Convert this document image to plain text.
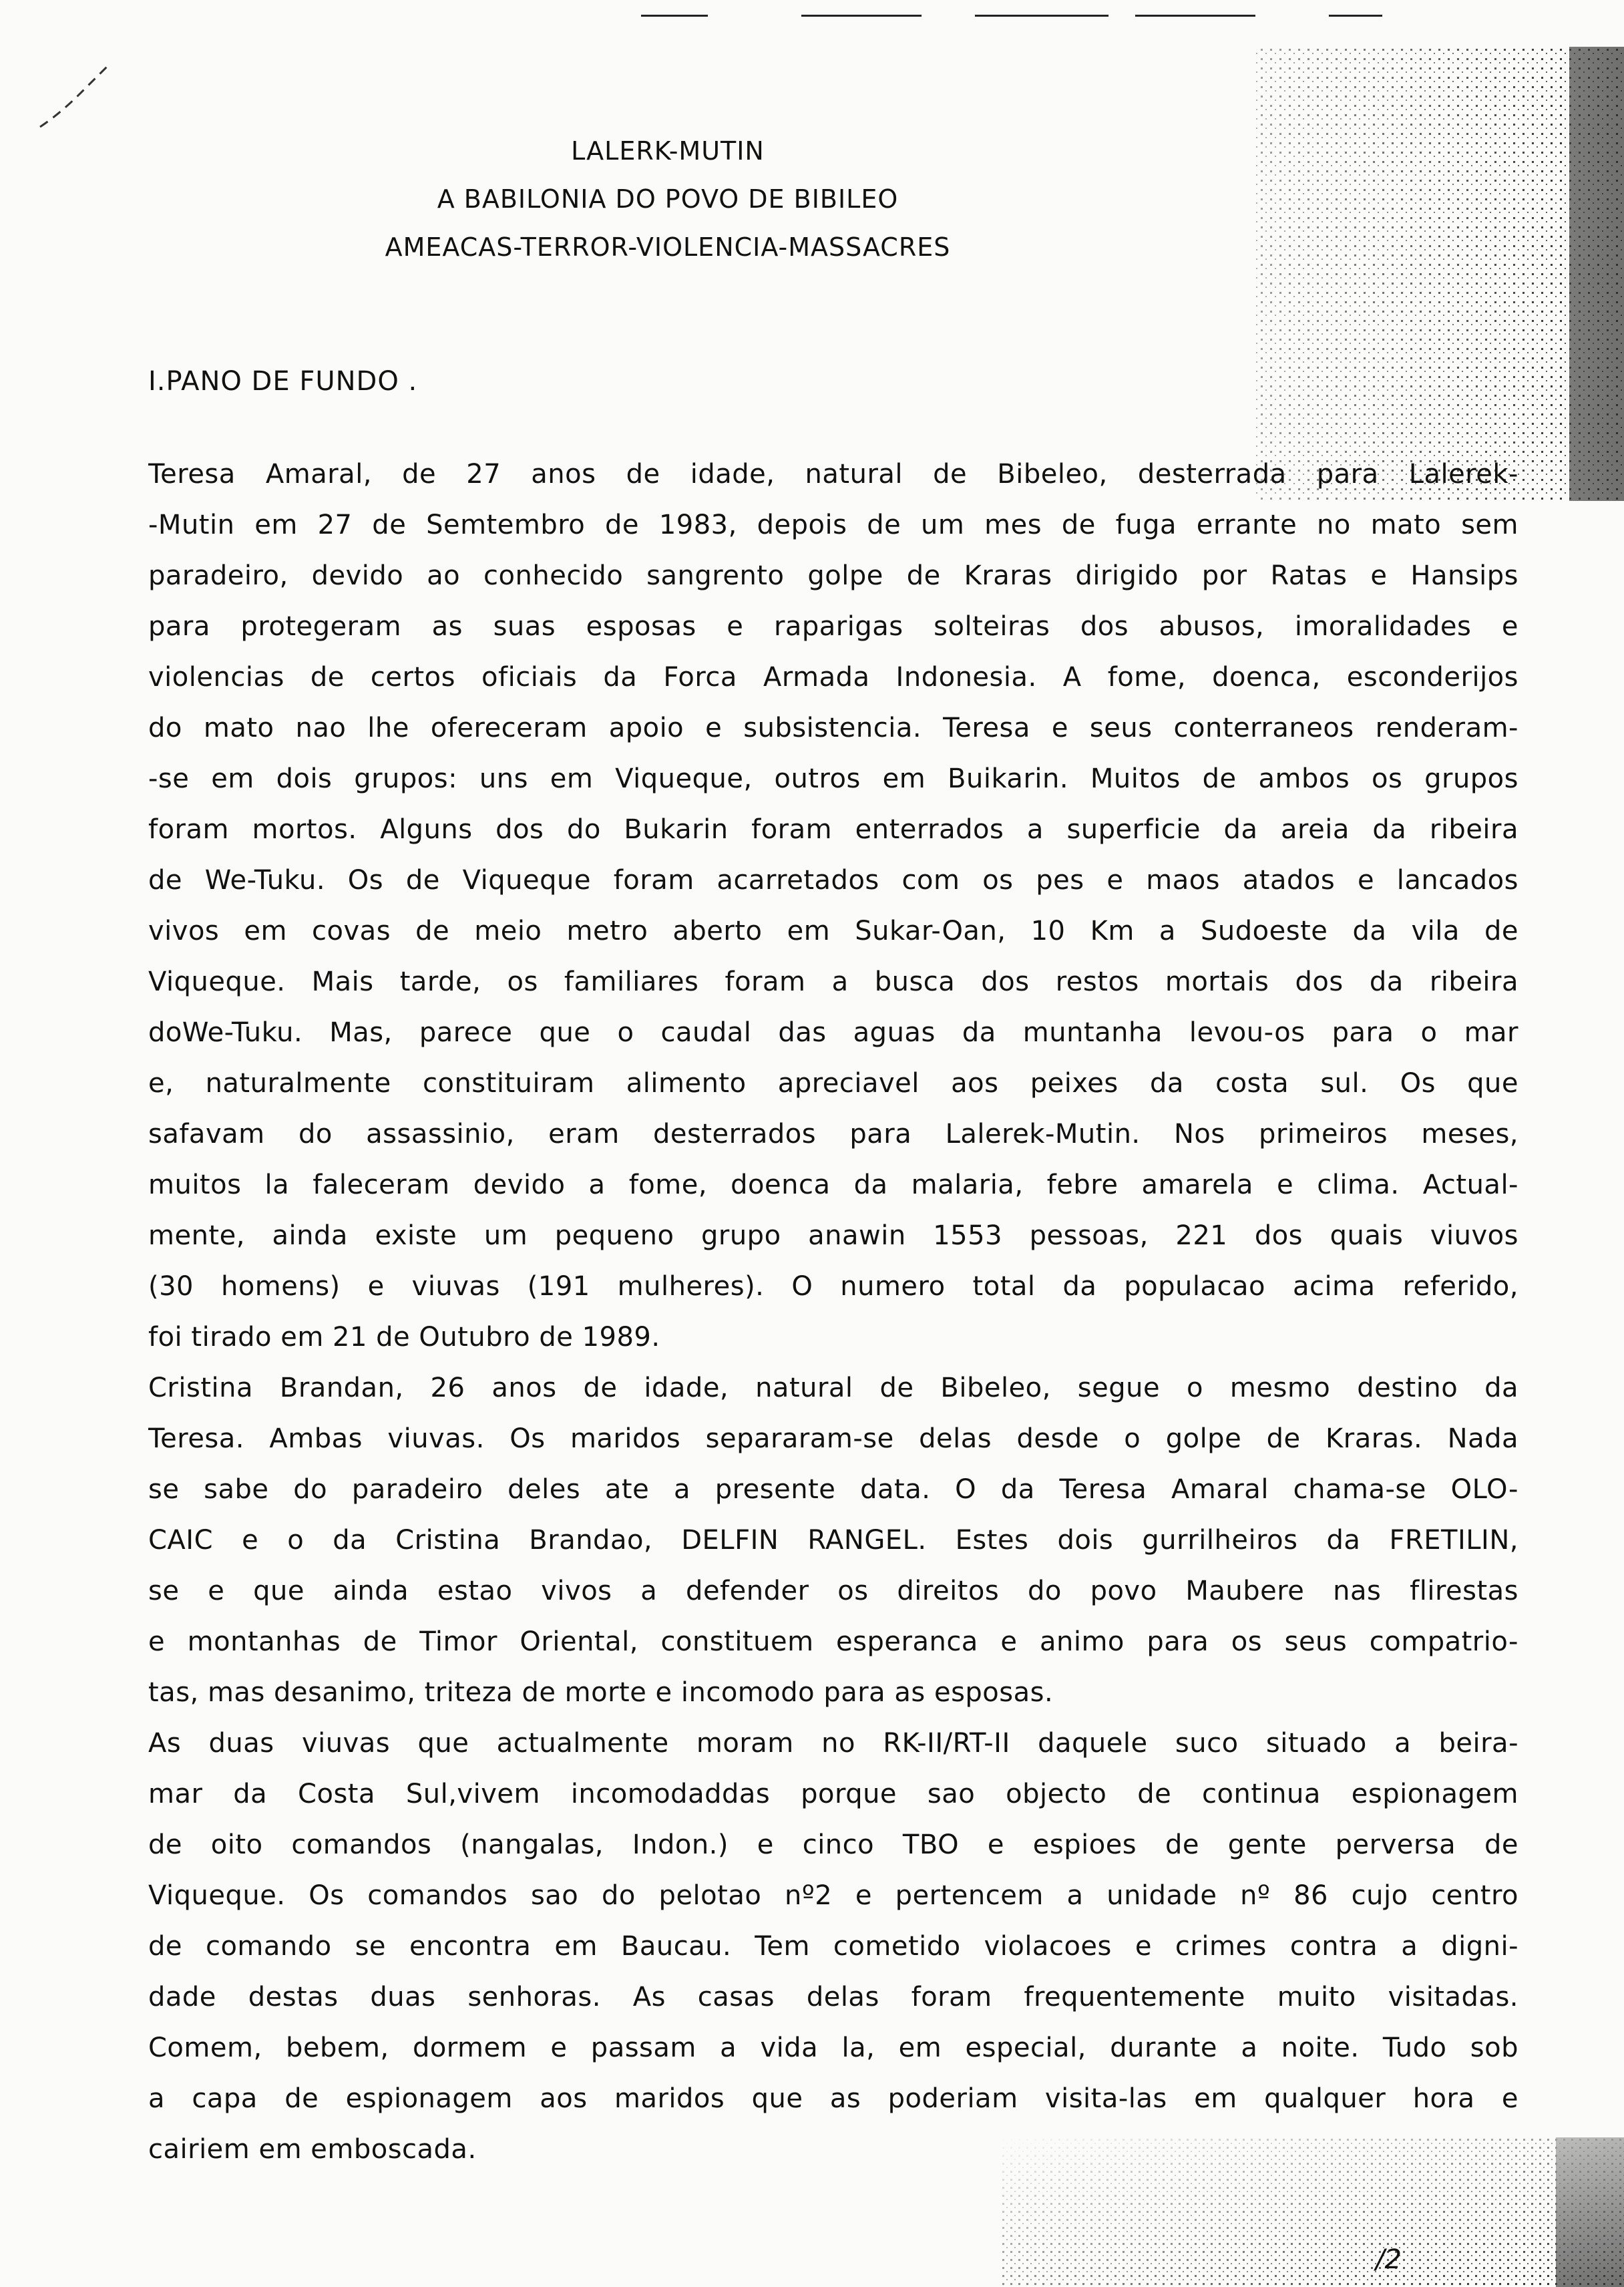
LALERK-MUTIN
A BABILONIA DO POVO DE BIBILEO
AMEACAS-TERROR-VIOLENCIA-MASSACRES
I.PANO DE FUNDO .
Teresa Amaral, de 27 anos de idade, natural de Bibeleo, desterrada para Lalerek-
-Mutin em 27 de Semtembro de 1983, depois de um mes de fuga errante no mato sem
paradeiro, devido ao conhecido sangrento golpe de Kraras dirigido por Ratas e Hansips
para protegeram as suas esposas e raparigas solteiras dos abusos, imoralidades e
violencias de certos oficiais da Forca Armada Indonesia. A fome, doenca, esconderijos
do mato nao lhe ofereceram apoio e subsistencia. Teresa e seus conterraneos renderam-
-se em dois grupos: uns em Viqueque, outros em Buikarin. Muitos de ambos os grupos
foram mortos. Alguns dos do Bukarin foram enterrados a superficie da areia da ribeira
de We-Tuku. Os de Viqueque foram acarretados com os pes e maos atados e lancados
vivos em covas de meio metro aberto em Sukar-Oan, 10 Km a Sudoeste da vila de
Viqueque. Mais tarde, os familiares foram a busca dos restos mortais dos da ribeira
doWe-Tuku. Mas, parece que o caudal das aguas da muntanha levou-os para o mar
e, naturalmente constituiram alimento apreciavel aos peixes da costa sul. Os que
safavam do assassinio, eram desterrados para Lalerek-Mutin. Nos primeiros meses,
muitos la faleceram devido a fome, doenca da malaria, febre amarela e clima. Actual-
mente, ainda existe um pequeno grupo anawin 1553 pessoas, 221 dos quais viuvos
(30 homens) e viuvas (191 mulheres). O numero total da populacao acima referido,
foi tirado em 21 de Outubro de 1989.
Cristina Brandan, 26 anos de idade, natural de Bibeleo, segue o mesmo destino da
Teresa. Ambas viuvas. Os maridos separaram-se delas desde o golpe de Kraras. Nada
se sabe do paradeiro deles ate a presente data. O da Teresa Amaral chama-se OLO-
CAIC e o da Cristina Brandao, DELFIN RANGEL. Estes dois gurrilheiros da FRETILIN,
se e que ainda estao vivos a defender os direitos do povo Maubere nas flirestas
e montanhas de Timor Oriental, constituem esperanca e animo para os seus compatrio-
tas, mas desanimo, triteza de morte e incomodo para as esposas.
As duas viuvas que actualmente moram no RK-II/RT-II daquele suco situado a beira-
mar da Costa Sul,vivem incomodaddas porque sao objecto de continua espionagem
de oito comandos (nangalas, Indon.) e cinco TBO e espioes de gente perversa de
Viqueque. Os comandos sao do pelotao nº2 e pertencem a unidade nº 86 cujo centro
de comando se encontra em Baucau. Tem cometido violacoes e crimes contra a digni-
dade destas duas senhoras. As casas delas foram frequentemente muito visitadas.
Comem, bebem, dormem e passam a vida la, em especial, durante a noite. Tudo sob
a capa de espionagem aos maridos que as poderiam visita-las em qualquer hora e
cairiem em emboscada.
/2
